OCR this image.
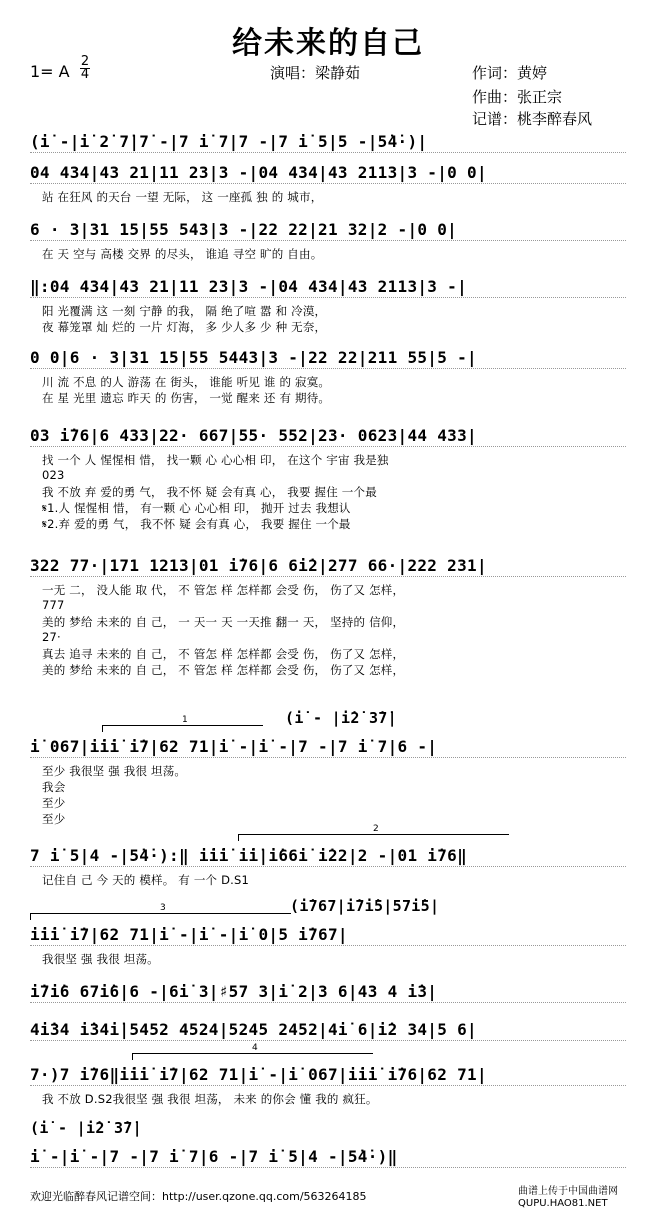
给未来的自己
1= A
2
4	演唱：梁静茹	作词：黄婷
作曲：张正宗
记谱：桃李醉春风
(i̇ -|i̇ 2̇ 7̇|7̇ -|7 i̇ 7|7 -|7 i̇ 5|5 -|5̇4̇·)|
04 434|43 21|11 23|3 -|04 434|43 2113|3 -|0 0|
站 在狂风 的天台 一望 无际， 这 一座孤 独 的 城市，
6 · 3|31 15|55 543|3 -|22 22|21 32|2 -|0 0|
在 天 空与 高楼 交界 的尽头， 谁追 寻空 旷的 自由。
‖:04 434|43 21|11 23|3 -|04 434|43 2113|3 -|
阳 光覆满 这 一刻 宁静 的我， 隔 绝了喧 嚣 和 冷漠，
夜 幕笼罩 灿 烂的 一片 灯海， 多 少人多 少 种 无奈，
0 0|6 · 3|31 15|55 5443|3 -|22 22|211 55|5 -|
川 流 不息 的人 游荡 在 街头， 谁能 听见 谁 的 寂寞。
在 星 光里 遗忘 昨天 的 伤害， 一觉 醒来 还 有 期待。
03 i̇76|6 433|22· 667|55· 552|23· 0623|44 433|
找 一个 人 惺惺相 惜， 找一颗 心 心心相 印， 在这个 宇宙 我是独
023
我 不放 弃 爱的勇 气， 我不怀 疑 会有真 心， 我要 握住 一个最
𝄋1.人 惺惺相 惜， 有一颗 心 心心相 印， 抛开 过去 我想认
𝄋2.弃 爱的勇 气， 我不怀 疑 会有真 心， 我要 握住 一个最
322 77·|171 1213|01 i̇76|6 6i̇2|277 66·|222 231|
一无 二， 没人能 取 代， 不 管怎 样 怎样都 会受 伤， 伤了又 怎样，
777
美的 梦给 未来的 自 己， 一 天一 天 一天推 翻一 天， 坚持的 信仰，
27·
真去 追寻 未来的 自 己， 不 管怎 样 怎样都 会受 伤， 伤了又 怎样，
美的 梦给 未来的 自 己， 不 管怎 样 怎样都 会受 伤， 伤了又 怎样，
(i̇ - |i̇2̇ 3̇7̇|
1
i̇ 067|i̇i̇i̇ i̇7|62 71|i̇ -|i̇ -|7 -|7 i̇ 7|6 -|
至少 我很坚 强 我很 坦荡。
我会
至少
至少
2
7 i̇ 5|4 -|5̇4̇·):‖ i̇i̇i̇ i̇i̇|i̇66i̇ i̇22|2 -|01 i̇76‖
记住自 己 今 天的 模样。 有 一个 D.S1
(i̇767|i̇7i̇5|57i̇5|
3
i̇i̇i̇ i̇7|62 71|i̇ -|i̇ -|i̇ 0|5 i̇767|
我很坚 强 我很 坦荡。
i̇7i̇6 67i̇6|6 -|6i̇ 3|♯57 3|i̇ 2|3 6|43 4 i̇3|
4i̇34 i̇34i̇|5452 4524|5245 2452|4i̇ 6|i̇2 34|5 6|
4
7·)7 i̇76‖i̇i̇i̇ i̇7|62 71|i̇ -|i̇ 067|i̇i̇i̇ i̇76|62 71|
我 不放 D.S2我很坚 强 我很 坦荡， 未来 的你会 懂 我的 疯狂。
(i̇ - |i̇2̇ 3̇7̇|
i̇ -|i̇ -|7 -|7 i̇ 7|6 -|7 i̇ 5|4 -|5̇4̇·)‖
欢迎光临醉春风记谱空间：http://user.qzone.qq.com/563264185	曲谱上传于中国曲谱网
QUPU.HAO81.NET
